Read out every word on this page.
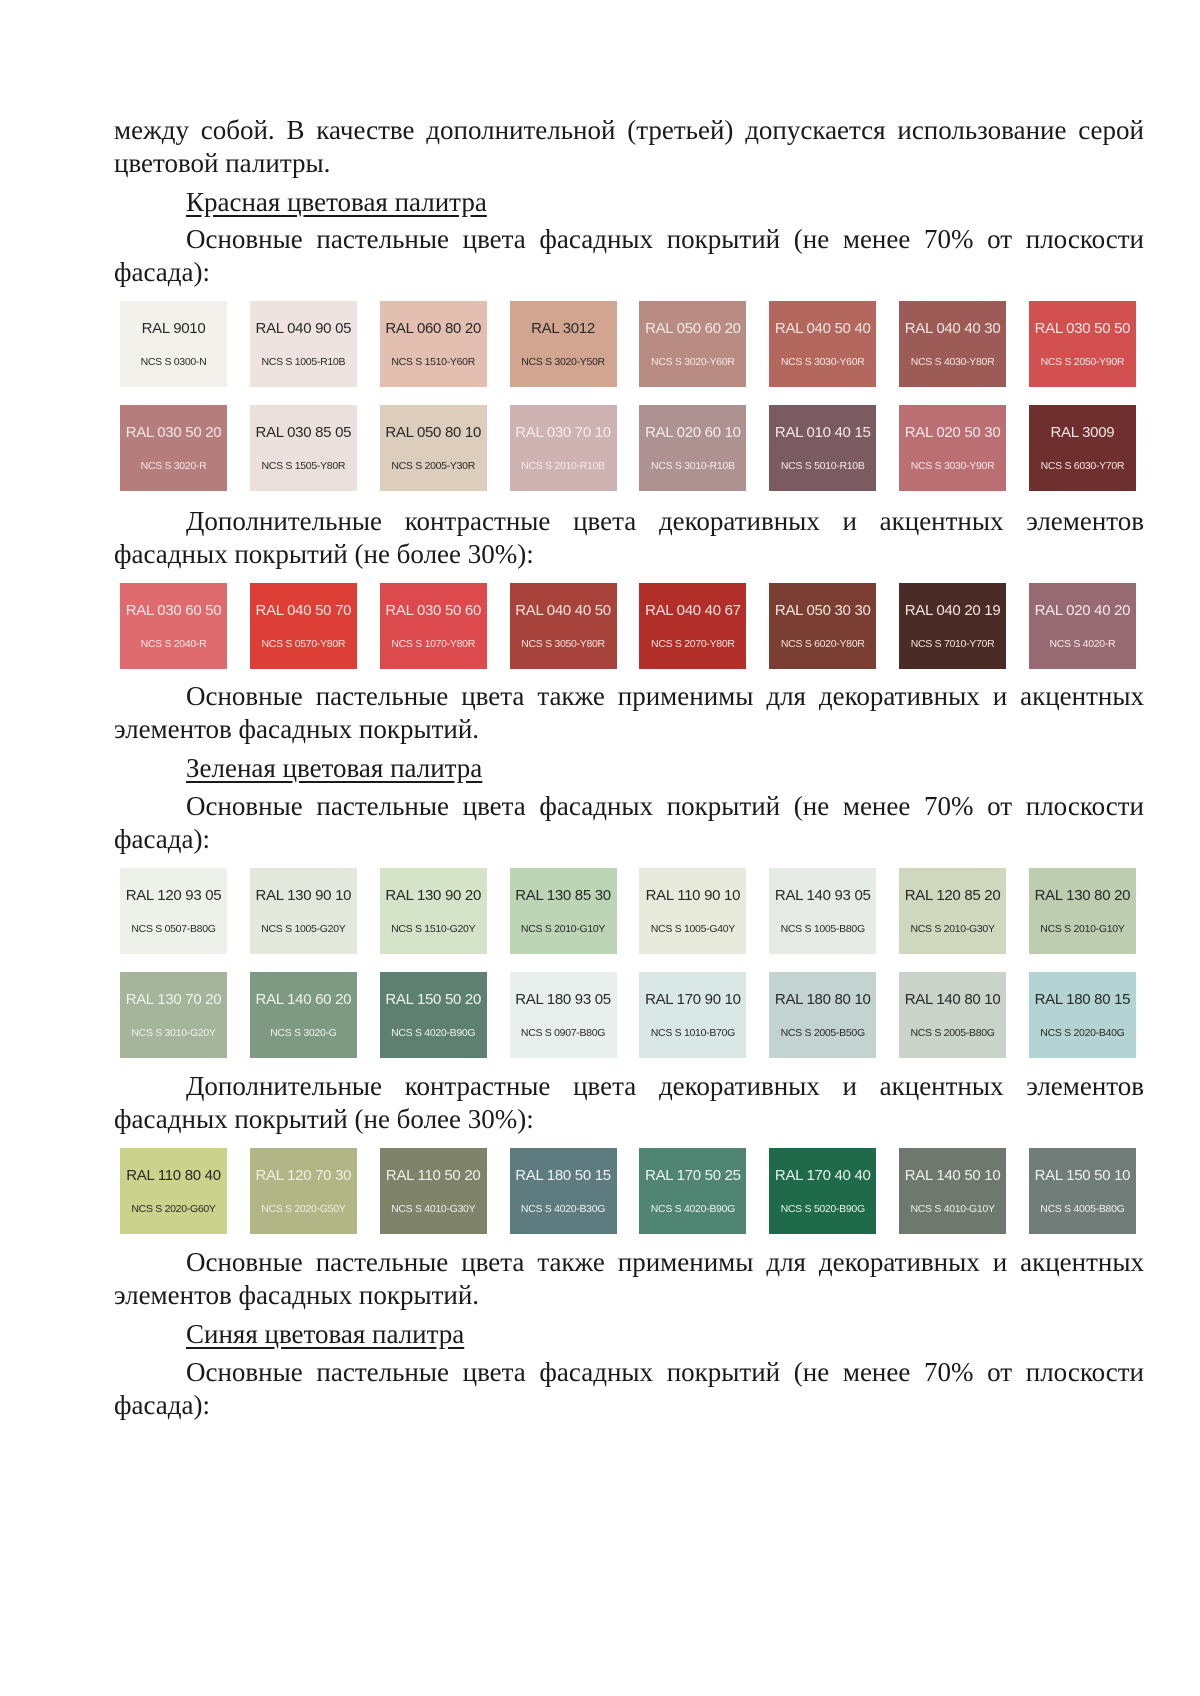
между собой. В качестве дополнительной (третьей) допускается использование серой цветовой палитры.
Красная цветовая палитра
Основные пастельные цвета фасадных покрытий (не менее 70% от плоскости фасада):
RAL 9010
NCS S 0300-N
RAL 040 90 05
NCS S 1005-R10B
RAL 060 80 20
NCS S 1510-Y60R
RAL 3012
NCS S 3020-Y50R
RAL 050 60 20
NCS S 3020-Y60R
RAL 040 50 40
NCS S 3030-Y60R
RAL 040 40 30
NCS S 4030-Y80R
RAL 030 50 50
NCS S 2050-Y90R
RAL 030 50 20
NCS S 3020-R
RAL 030 85 05
NCS S 1505-Y80R
RAL 050 80 10
NCS S 2005-Y30R
RAL 030 70 10
NCS S 2010-R10B
RAL 020 60 10
NCS S 3010-R10B
RAL 010 40 15
NCS S 5010-R10B
RAL 020 50 30
NCS S 3030-Y90R
RAL 3009
NCS S 6030-Y70R
Дополнительные контрастные цвета декоративных и акцентных элементов фасадных покрытий (не более 30%):
RAL 030 60 50
NCS S 2040-R
RAL 040 50 70
NCS S 0570-Y80R
RAL 030 50 60
NCS S 1070-Y80R
RAL 040 40 50
NCS S 3050-Y80R
RAL 040 40 67
NCS S 2070-Y80R
RAL 050 30 30
NCS S 6020-Y80R
RAL 040 20 19
NCS S 7010-Y70R
RAL 020 40 20
NCS S 4020-R
Основные пастельные цвета также применимы для декоративных и акцентных элементов фасадных покрытий.
Зеленая цветовая палитра
Основные пастельные цвета фасадных покрытий (не менее 70% от плоскости фасада):
RAL 120 93 05
NCS S 0507-B80G
RAL 130 90 10
NCS S 1005-G20Y
RAL 130 90 20
NCS S 1510-G20Y
RAL 130 85 30
NCS S 2010-G10Y
RAL 110 90 10
NCS S 1005-G40Y
RAL 140 93 05
NCS S 1005-B80G
RAL 120 85 20
NCS S 2010-G30Y
RAL 130 80 20
NCS S 2010-G10Y
RAL 130 70 20
NCS S 3010-G20Y
RAL 140 60 20
NCS S 3020-G
RAL 150 50 20
NCS S 4020-B90G
RAL 180 93 05
NCS S 0907-B80G
RAL 170 90 10
NCS S 1010-B70G
RAL 180 80 10
NCS S 2005-B50G
RAL 140 80 10
NCS S 2005-B80G
RAL 180 80 15
NCS S 2020-B40G
Дополнительные контрастные цвета декоративных и акцентных элементов фасадных покрытий (не более 30%):
RAL 110 80 40
NCS S 2020-G60Y
RAL 120 70 30
NCS S 2020-G50Y
RAL 110 50 20
NCS S 4010-G30Y
RAL 180 50 15
NCS S 4020-B30G
RAL 170 50 25
NCS S 4020-B90G
RAL 170 40 40
NCS S 5020-B90G
RAL 140 50 10
NCS S 4010-G10Y
RAL 150 50 10
NCS S 4005-B80G
Основные пастельные цвета также применимы для декоративных и акцентных элементов фасадных покрытий.
Синяя цветовая палитра
Основные пастельные цвета фасадных покрытий (не менее 70% от плоскости фасада):
